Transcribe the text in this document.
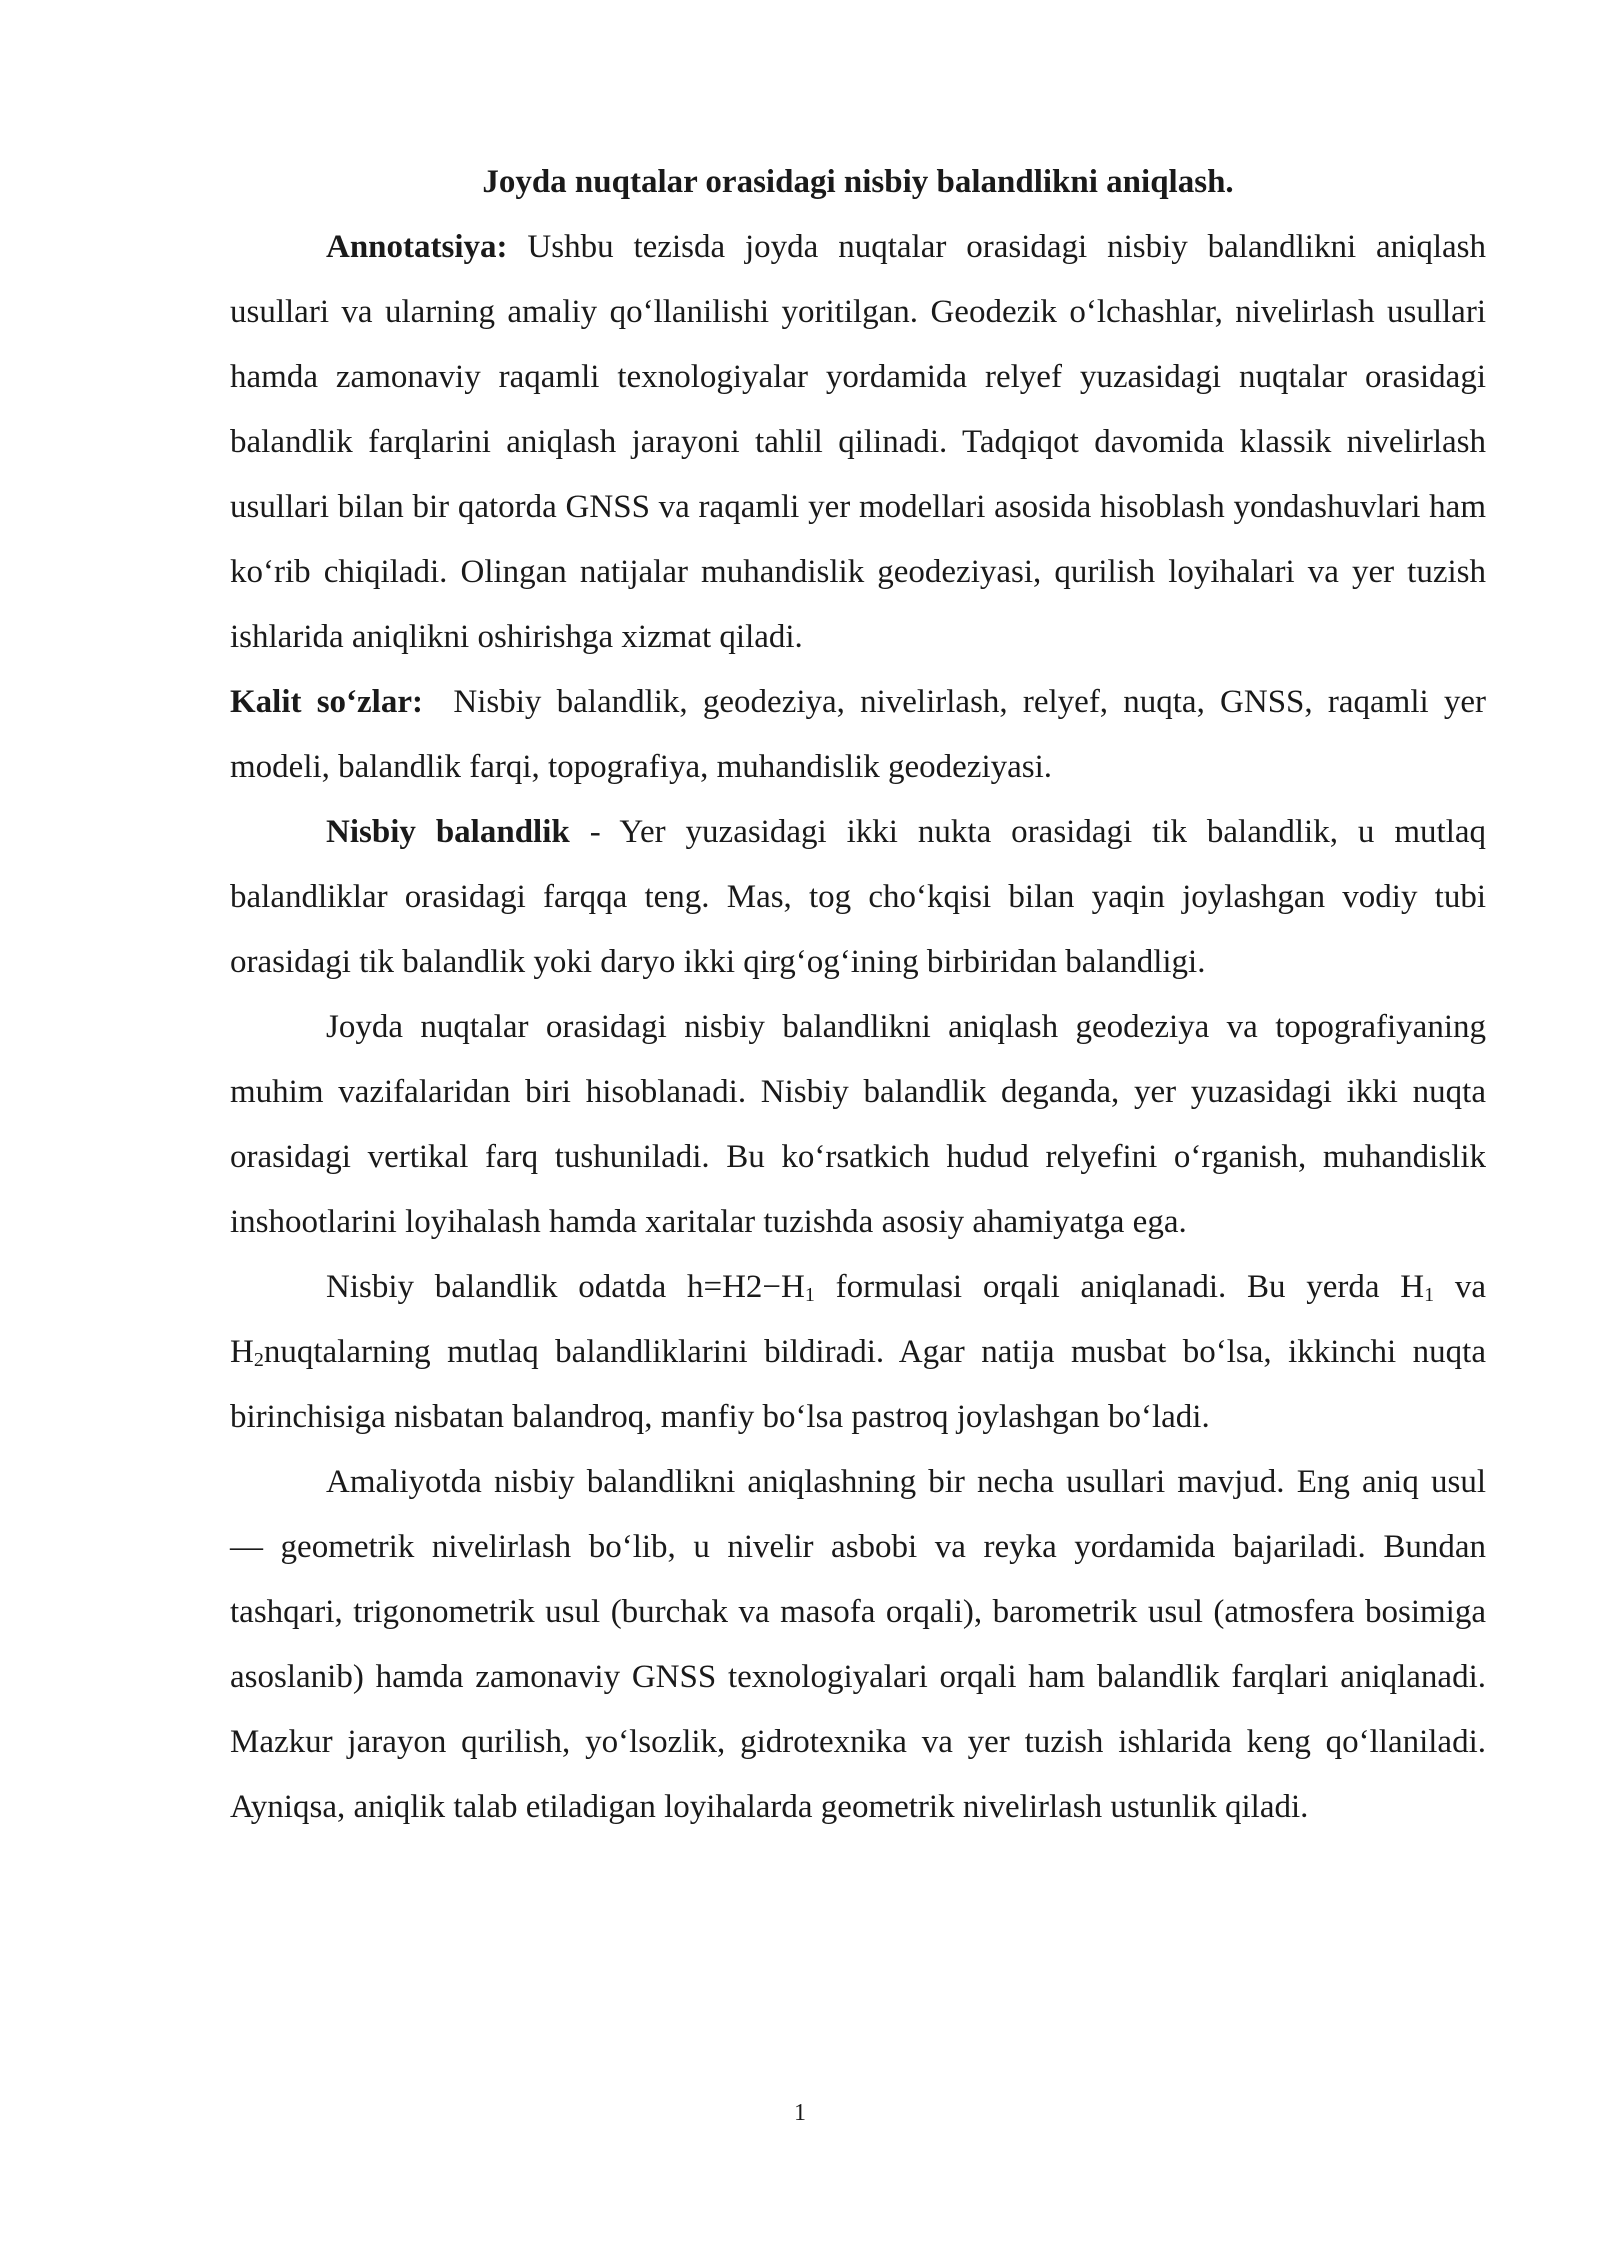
Joyda nuqtalar orasidagi nisbiy balandlikni aniqlash.

Annotatsiya: Ushbu tezisda joyda nuqtalar orasidagi nisbiy balandlikni aniqlash usullari va ularning amaliy qo‘llanilishi yoritilgan. Geodezik o‘lchashlar, nivelirlash usullari hamda zamonaviy raqamli texnologiyalar yordamida relyef yuzasidagi nuqtalar orasidagi balandlik farqlarini aniqlash jarayoni tahlil qilinadi. Tadqiqot davomida klassik nivelirlash usullari bilan bir qatorda GNSS va raqamli yer modellari asosida hisoblash yondashuvlari ham ko‘rib chiqiladi. Olingan natijalar muhandislik geodeziyasi, qurilish loyihalari va yer tuzish ishlarida aniqlikni oshirishga xizmat qiladi.

Kalit so‘zlar:  Nisbiy balandlik, geodeziya, nivelirlash, relyef, nuqta, GNSS, raqamli yer modeli, balandlik farqi, topografiya, muhandislik geodeziyasi.

Nisbiy balandlik - Yer yuzasidagi ikki nukta orasidagi tik balandlik, u mutlaq balandliklar orasidagi farqqa teng. Mas, tog cho‘kqisi bilan yaqin joylashgan vodiy tubi orasidagi tik balandlik yoki daryo ikki qirg‘og‘ining birbiridan balandligi.

Joyda nuqtalar orasidagi nisbiy balandlikni aniqlash geodeziya va topografiyaning muhim vazifalaridan biri hisoblanadi. Nisbiy balandlik deganda, yer yuzasidagi ikki nuqta orasidagi vertikal farq tushuniladi. Bu ko‘rsatkich hudud relyefini o‘rganish, muhandislik inshootlarini loyihalash hamda xaritalar tuzishda asosiy ahamiyatga ega.

Nisbiy balandlik odatda $h=H2-H_1$ formulasi orqali aniqlanadi. Bu yerda $H_1$ va $H_2nuqtalarning$ mutlaq balandliklarini bildiradi. Agar natija musbat bo‘lsa, ikkinchi nuqta birinchisiga nisbatan balandroq, manfiy bo‘lsa pastroq joylashgan bo‘ladi.

Amaliyotda nisbiy balandlikni aniqlashning bir necha usullari mavjud. Eng aniq usul — geometrik nivelirlash bo‘lib, u nivelir asbobi va reyka yordamida bajariladi. Bundan tashqari, trigonometrik usul (burchak va masofa orqali), barometrik usul (atmosfera bosimiga asoslanib) hamda zamonaviy GNSS texnologiyalari orqali ham balandlik farqlari aniqlanadi. Mazkur jarayon qurilish, yo‘lsozlik, gidrotexnika va yer tuzish ishlarida keng qo‘llaniladi. Ayniqsa, aniqlik talab etiladigan loyihalarda geometrik nivelirlash ustunlik qiladi.

1
